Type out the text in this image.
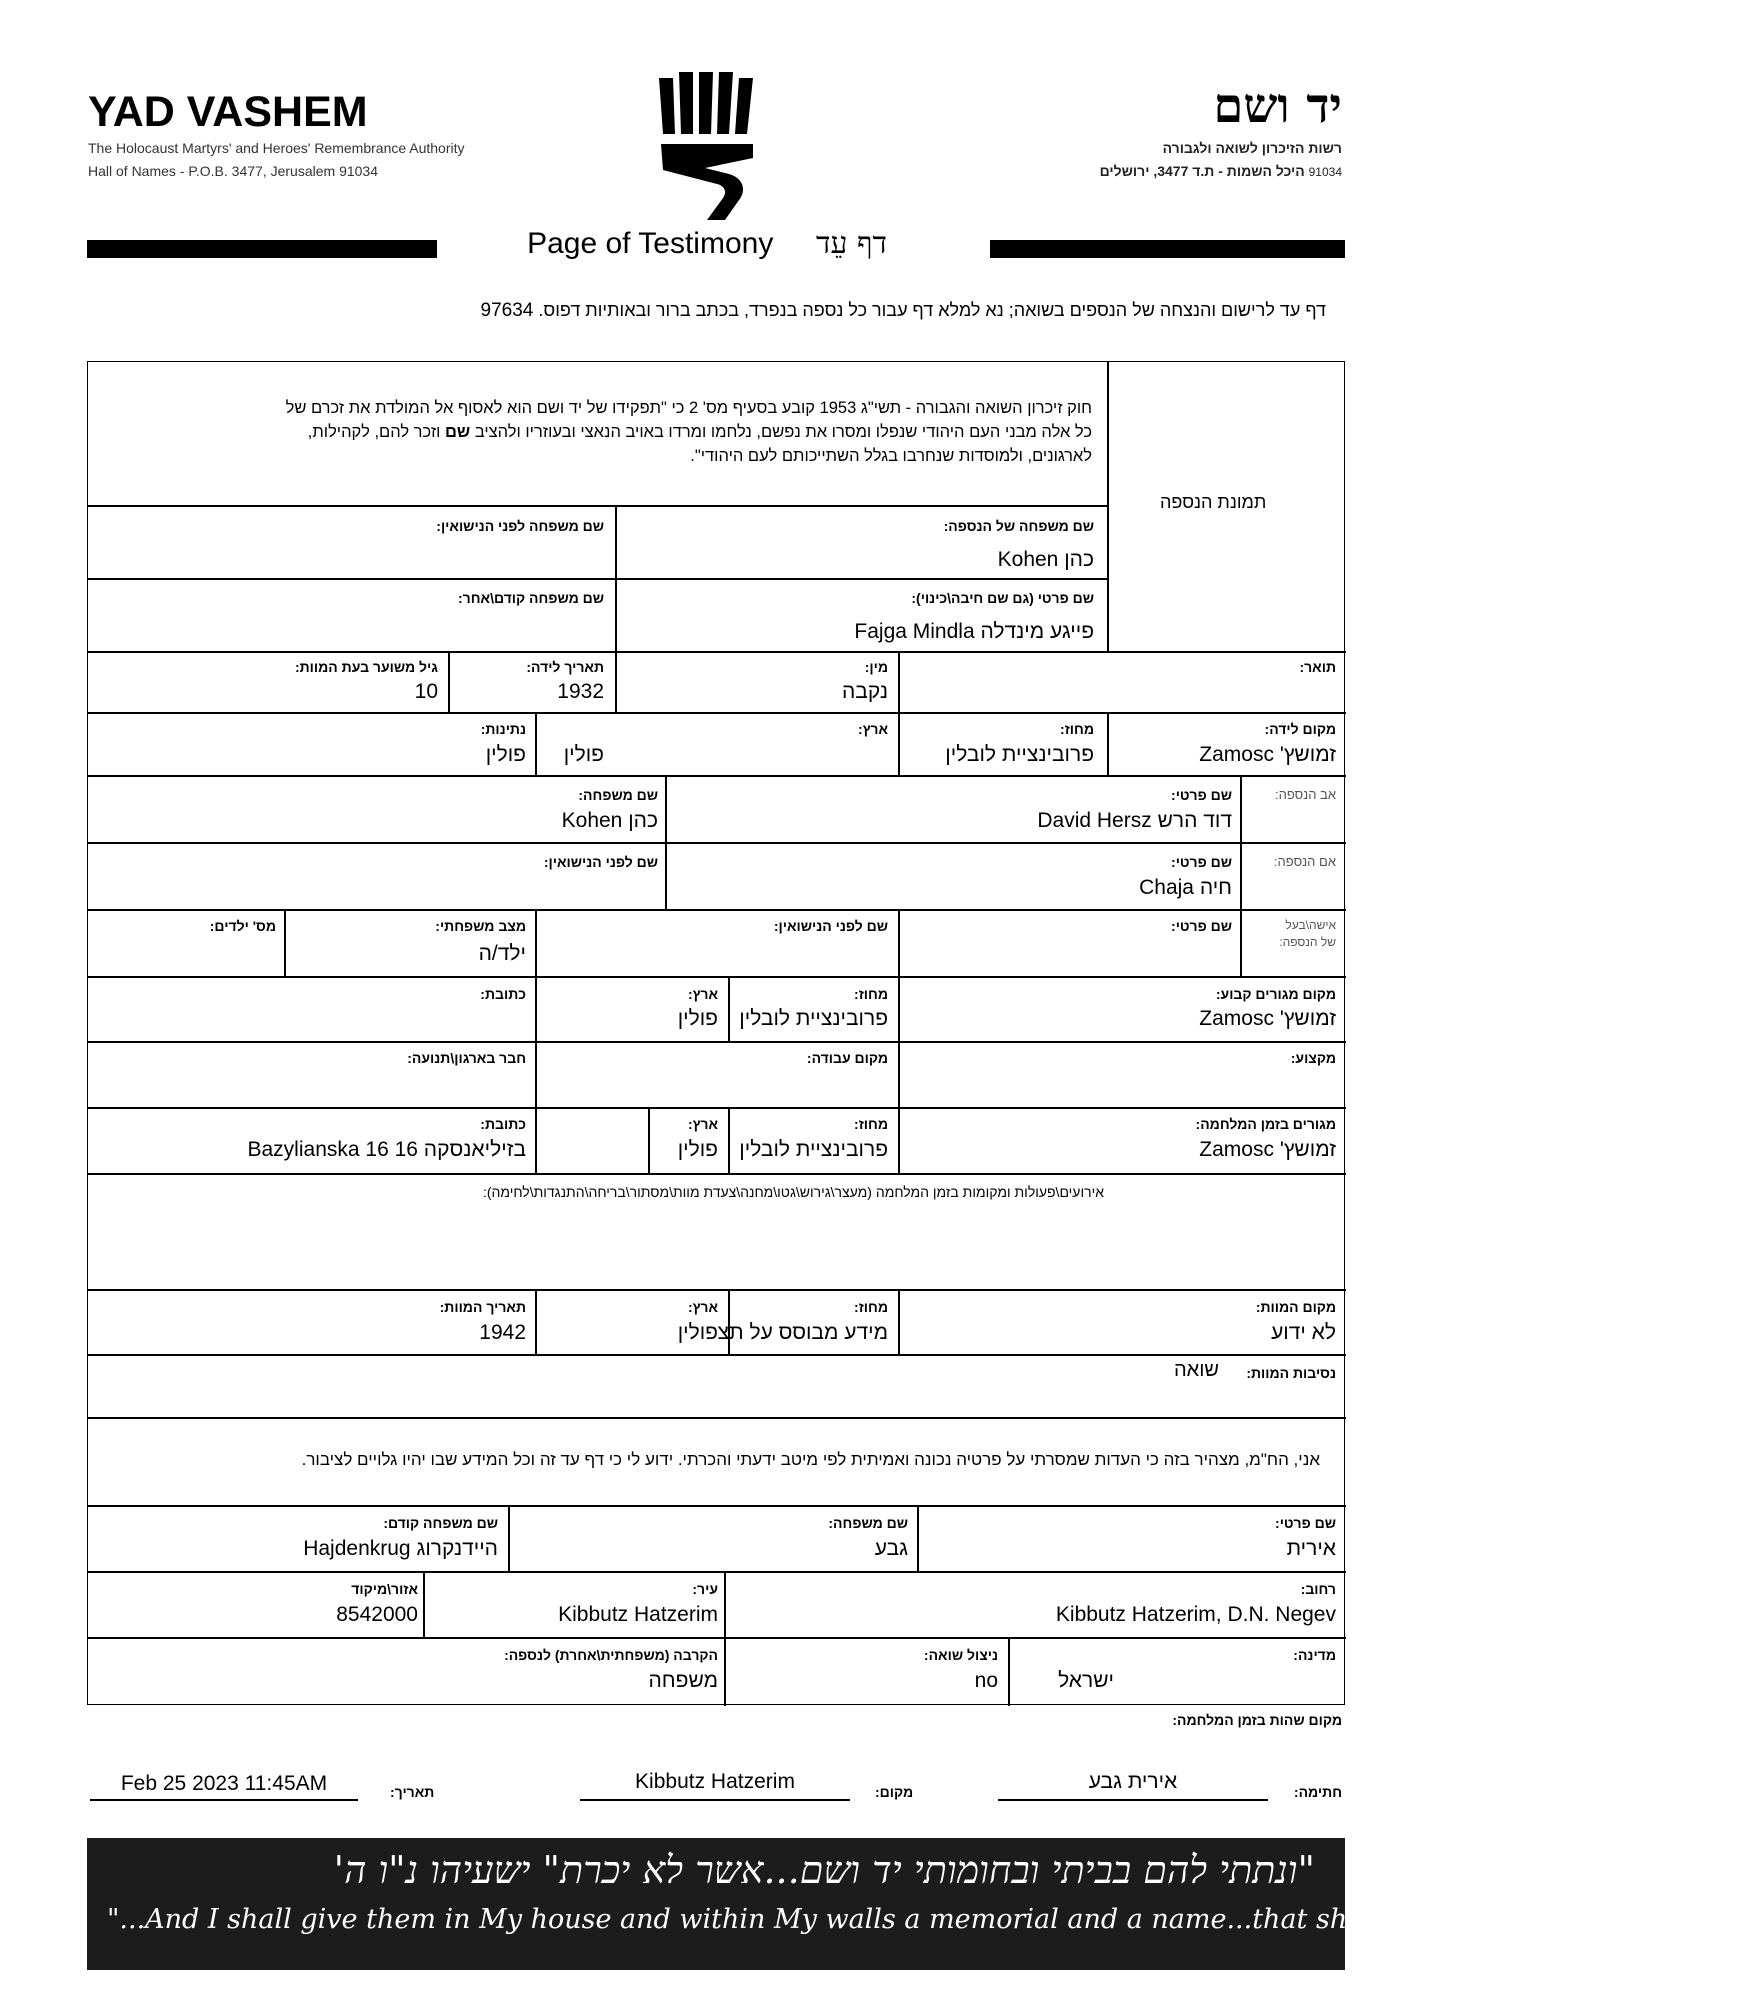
YAD VASHEM
The Holocaust Martyrs' and Heroes' Remembrance Authority
Hall of Names - P.O.B. 3477, Jerusalem 91034
יד ושם
רשות הזיכרון לשואה ולגבורה
91034 היכל השמות - ת.ד 3477, ירושלים
Page of Testimony דף עֵד
דף עד לרישום והנצחה של הנספים בשואה; נא למלא דף עבור כל נספה בנפרד, בכתב ברור ובאותיות דפוס. 97634
חוק זיכרון השואה והגבורה - תשי"ג 1953 קובע בסעיף מס' 2 כי "תפקידו של יד ושם הוא לאסוף אל המולדת את זכרם של
כל אלה מבני העם היהודי שנפלו ומסרו את נפשם, נלחמו ומרדו באויב הנאצי ובעוזריו ולהציב שם וזכר להם, לקהילות,
לארגונים, ולמוסדות שנחרבו בגלל השתייכותם לעם היהודי".
תמונת הנספה
שם משפחה של הנספה:
כהן Kohen
שם משפחה לפני הנישואין:
שם פרטי (גם שם חיבה\כינוי):
פייגע מינדלה Fajga Mindla
שם משפחה קודם\אחר:
תואר:
מין:
נקבה
תאריך לידה:
1932
גיל משוער בעת המוות:
10
מקום לידה:
זמושץ' Zamosc
מחוז:
פרובינציית לובלין
ארץ:
פולין
נתינות:
פולין
אב הנספה:
שם פרטי:
דוד הרש David Hersz
שם משפחה:
כהן Kohen
אם הנספה:
שם פרטי:
חיה Chaja
שם לפני הנישואין:
אישה\בעל
של הנספה:
שם פרטי:
שם לפני הנישואין:
מצב משפחתי:
ילד/ה
מס' ילדים:
מקום מגורים קבוע:
זמושץ' Zamosc
מחוז:
פרובינציית לובלין
ארץ:
פולין
כתובת:
מקצוע:
מקום עבודה:
חבר בארגון\תנועה:
מגורים בזמן המלחמה:
זמושץ' Zamosc
מחוז:
פרובינציית לובלין
ארץ:
פולין
כתובת:
בזיליאנסקה 16 Bazylianska 16
אירועים\פעולות ומקומות בזמן המלחמה (מעצר\גירוש\גטו\מחנה\צעדת מוות\מסתור\בריחה\התנגדות\לחימה):
מקום המוות:
לא ידוע
מחוז:
מידע מבוסס על תצ
ארץ:
פולין
תאריך המוות:
1942
נסיבות המוות:
שואה
אני, הח"מ, מצהיר בזה כי העדות שמסרתי על פרטיה נכונה ואמיתית לפי מיטב ידעתי והכרתי. ידוע לי כי דף עד זה וכל המידע שבו יהיו גלויים לציבור.
שם פרטי:
אירית
שם משפחה:
גבע
שם משפחה קודם:
היידנקרוג Hajdenkrug
רחוב:
Kibbutz Hatzerim, D.N. Negev
עיר:
Kibbutz Hatzerim
אזור\מיקוד
8542000
מדינה:
ישראל
ניצול שואה:
no
הקרבה (משפחתית\אחרת) לנספה:
משפחה
מקום שהות בזמן המלחמה:
חתימה:
אירית גבע
מקום:
Kibbutz Hatzerim
תאריך:
Feb 25 2023 11:45AM
"ונתתי להם בביתי ובחומותי יד ושם...אשר לא יכרת" ישעיהו נ"ו ה'
"...And I shall give them in My house and within My walls a memorial and a name...that shall not be cut off" Isaiah. 56:5
